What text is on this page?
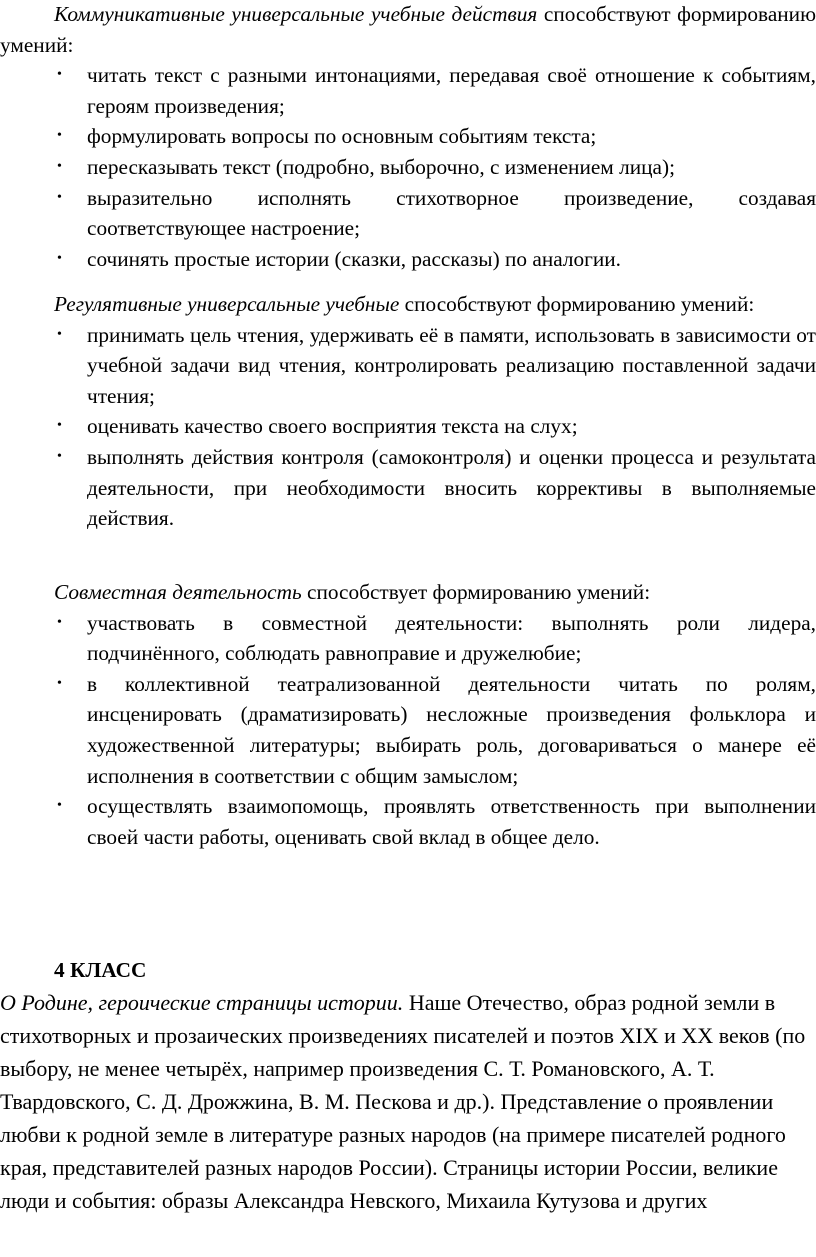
Коммуникативные универсальные учебные действия способствуют формированию умений:

• читать текст с разными интонациями, передавая своё отношение к событиям, героям произведения;
• формулировать вопросы по основным событиям текста;
• пересказывать текст (подробно, выборочно, с изменением лица);
• выразительно исполнять стихотворное произведение, создавая соответствующее настроение;
• сочинять простые истории (сказки, рассказы) по аналогии.

Регулятивные универсальные учебные способствуют формированию умений:

• принимать цель чтения, удерживать её в памяти, использовать в зависимости от учебной задачи вид чтения, контролировать реализацию поставленной задачи чтения;
• оценивать качество своего восприятия текста на слух;
• выполнять действия контроля (самоконтроля) и оценки процесса и результата деятельности, при необходимости вносить коррективы в выполняемые действия.

Совместная деятельность способствует формированию умений:

• участвовать в совместной деятельности: выполнять роли лидера, подчинённого, соблюдать равноправие и дружелюбие;
• в коллективной театрализованной деятельности читать по ролям, инсценировать (драматизировать) несложные произведения фольклора и художественной литературы; выбирать роль, договариваться о манере её исполнения в соответствии с общим замыслом;
• осуществлять взаимопомощь, проявлять ответственность при выполнении своей части работы, оценивать свой вклад в общее дело.

4 КЛАСС

О Родине, героические страницы истории. Наше Отечество, образ родной земли в стихотворных и прозаических произведениях писателей и поэтов XIX и XX веков (по выбору, не менее четырёх, например произведения С. Т. Романовского, А. Т. Твардовского, С. Д. Дрожжина, В. М. Пескова и др.). Представление о проявлении любви к родной земле в литературе разных народов (на примере писателей родного края, представителей разных народов России). Страницы истории России, великие люди и события: образы Александра Невского, Михаила Кутузова и других
